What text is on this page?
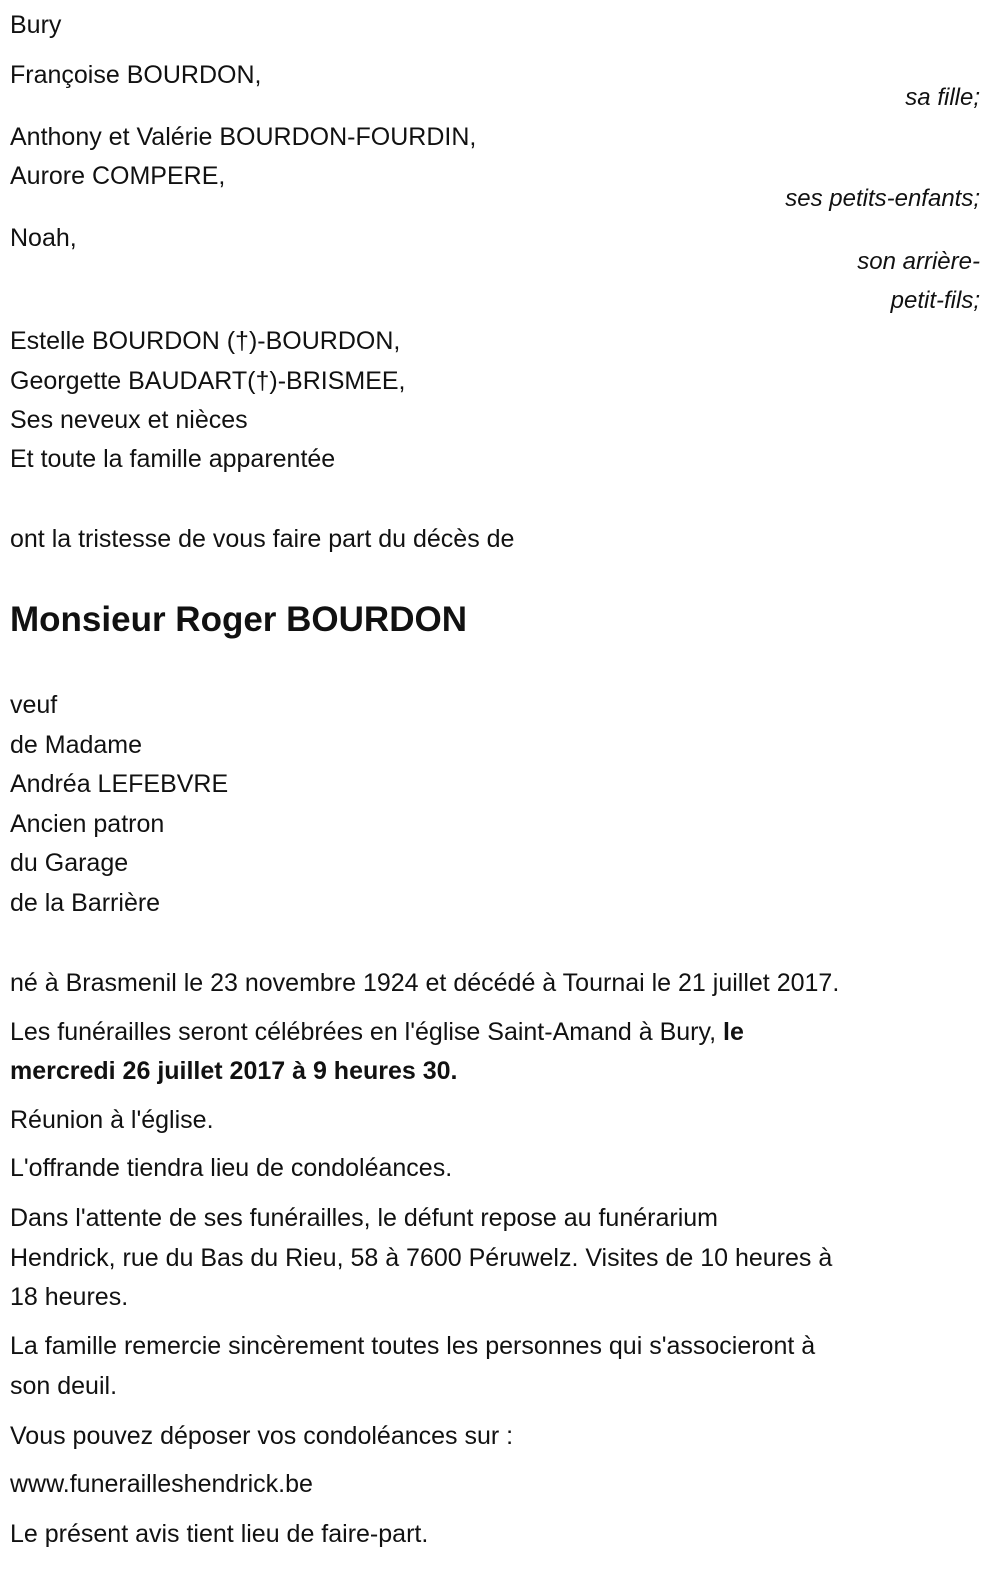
Bury
Françoise BOURDON,
sa fille;
Anthony et Valérie BOURDON-FOURDIN,
Aurore COMPERE,
ses petits-enfants;
Noah,
son arrière-
petit-fils;
Estelle BOURDON (†)-BOURDON,
Georgette BAUDART(†)-BRISMEE,
Ses neveux et nièces
Et toute la famille apparentée
ont la tristesse de vous faire part du décès de
Monsieur Roger BOURDON
veuf
de Madame
Andréa LEFEBVRE
Ancien patron
du Garage
de la Barrière
né à Brasmenil le 23 novembre 1924 et décédé à Tournai le 21 juillet 2017.
Les funérailles seront célébrées en l'église Saint-Amand à Bury, le
mercredi 26 juillet 2017 à 9 heures 30.
Réunion à l'église.
L'offrande tiendra lieu de condoléances.
Dans l'attente de ses funérailles, le défunt repose au funérarium
Hendrick, rue du Bas du Rieu, 58 à 7600 Péruwelz. Visites de 10 heures à
18 heures.
La famille remercie sincèrement toutes les personnes qui s'associeront à
son deuil.
Vous pouvez déposer vos condoléances sur :
www.funerailleshendrick.be
Le présent avis tient lieu de faire-part.
